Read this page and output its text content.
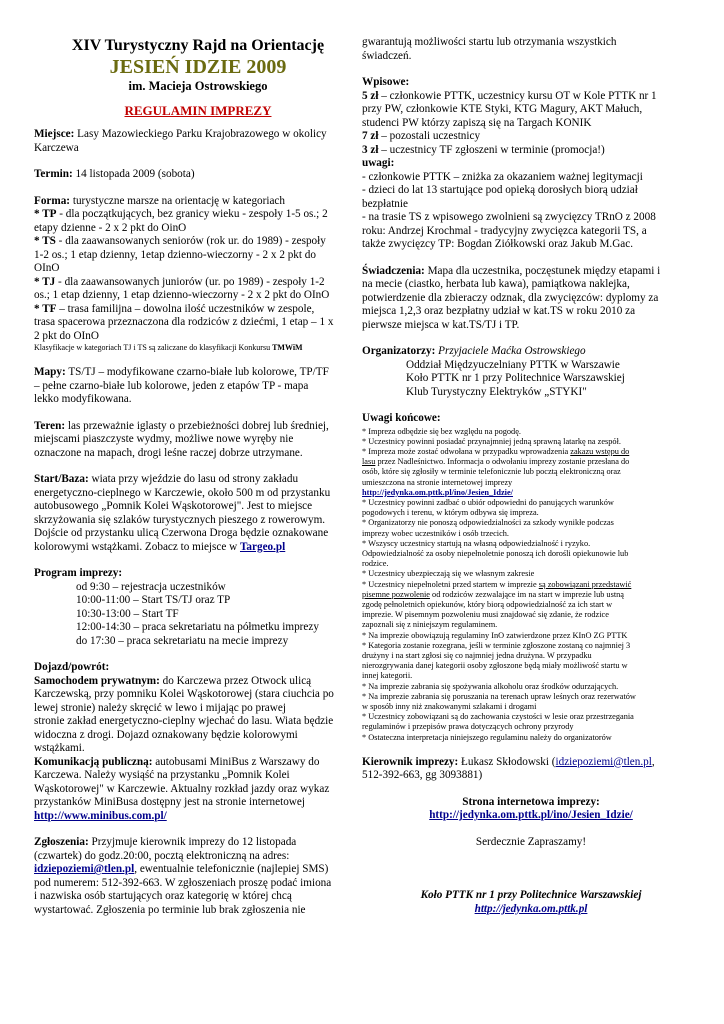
XIV Turystyczny Rajd na Orientację
JESIEŃ IDZIE 2009
im. Macieja Ostrowskiego
REGULAMIN IMPREZY
Miejsce: Lasy Mazowieckiego Parku Krajobrazowego w okolicy
Karczewa
Termin: 14 listopada 2009 (sobota)
Forma: turystyczne marsze na orientację w kategoriach
* TP - dla początkujących, bez granicy wieku - zespoły 1-5 os.; 2
etapy dzienne - 2 x 2 pkt do OinO
* TS - dla zaawansowanych seniorów (rok ur. do 1989) - zespoły
1-2 os.; 1 etap dzienny, 1etap dzienno-wieczorny - 2 x 2 pkt do
OInO
* TJ - dla zaawansowanych juniorów (ur. po 1989) - zespoły 1-2
os.; 1 etap dzienny, 1 etap dzienno-wieczorny - 2 x 2 pkt do OInO
* TF – trasa familijna – dowolna ilość uczestników w zespole,
trasa spacerowa przeznaczona dla rodziców z dziećmi, 1 etap – 1 x
2 pkt do OInO
Klasyfikacje w kategoriach TJ i TS są zaliczane do klasyfikacji Konkursu TMWiM
Mapy: TS/TJ – modyfikowane czarno-białe lub kolorowe, TP/TF
– pełne czarno-białe lub kolorowe, jeden z etapów TP - mapa
lekko modyfikowana.
Teren: las przeważnie iglasty o przebieżności dobrej lub średniej,
miejscami piaszczyste wydmy, możliwe nowe wyręby nie
oznaczone na mapach, drogi leśne raczej dobrze utrzymane.
Start/Baza: wiata przy wjeździe do lasu od strony zakładu
energetyczno-cieplnego w Karczewie, około 500 m od przystanku
autobusowego „Pomnik Kolei Wąskotorowej". Jest to miejsce
skrzyżowania się szlaków turystycznych pieszego z rowerowym.
Dojście od przystanku ulicą Czerwona Droga będzie oznakowane
kolorowymi wstążkami. Zobacz to miejsce w Targeo.pl
Program imprezy:
od 9:30 – rejestracja uczestników
10:00-11:00 – Start TS/TJ oraz TP
10:30-13:00 – Start TF
12:00-14:30 – praca sekretariatu na półmetku imprezy
do 17:30 – praca sekretariatu na mecie imprezy
Dojazd/powrót:
Samochodem prywatnym: do Karczewa przez Otwock ulicą
Karczewską, przy pomniku Kolei Wąskotorowej (stara ciuchcia po
lewej stronie) należy skręcić w lewo i mijając po prawej
stronie zakład energetyczno-cieplny wjechać do lasu. Wiata będzie
widoczna z drogi. Dojazd oznakowany będzie kolorowymi
wstążkami.
Komunikacją publiczną: autobusami MiniBus z Warszawy do
Karczewa. Należy wysiąść na przystanku „Pomnik Kolei
Wąskotorowej" w Karczewie. Aktualny rozkład jazdy oraz wykaz
przystanków MiniBusa dostępny jest na stronie internetowej
http://www.minibus.com.pl/
Zgłoszenia: Przyjmuje kierownik imprezy do 12 listopada
(czwartek) do godz.20:00, pocztą elektroniczną na adres:
idziepoziemi@tlen.pl, ewentualnie telefonicznie (najlepiej SMS)
pod numerem: 512-392-663. W zgłoszeniach proszę podać imiona
i nazwiska osób startujących oraz kategorię w której chcą
wystartować. Zgłoszenia po terminie lub brak zgłoszenia nie
gwarantują możliwości startu lub otrzymania wszystkich
świadczeń.
Wpisowe:
5 zł – członkowie PTTK, uczestnicy kursu OT w Kole PTTK nr 1
przy PW, członkowie KTE Styki, KTG Magury, AKT Małuch,
studenci PW którzy zapiszą się na Targach KONIK
7 zł – pozostali uczestnicy
3 zł – uczestnicy TF zgłoszeni w terminie (promocja!)
uwagi:
- członkowie PTTK – zniżka za okazaniem ważnej legitymacji
- dzieci do lat 13 startujące pod opieką dorosłych biorą udział
bezpłatnie
- na trasie TS z wpisowego zwolnieni są zwycięzcy TRnO z 2008
roku: Andrzej Krochmal - tradycyjny zwycięzca kategorii TS, a
także zwycięzcy TP: Bogdan Ziółkowski oraz Jakub M.Gac.
Świadczenia: Mapa dla uczestnika, poczęstunek między etapami i
na mecie (ciastko, herbata lub kawa), pamiątkowa naklejka,
potwierdzenie dla zbieraczy odznak, dla zwycięzców: dyplomy za
miejsca 1,2,3 oraz bezpłatny udział w kat.TS w roku 2010 za
pierwsze miejsca w kat.TS/TJ i TP.
Organizatorzy: Przyjaciele Maćka Ostrowskiego
Oddział Międzyuczelniany PTTK w Warszawie
Koło PTTK nr 1 przy Politechnice Warszawskiej
Klub Turystyczny Elektryków „STYKI"
Uwagi końcowe:
* Impreza odbędzie się bez względu na pogodę.
* Uczestnicy powinni posiadać przynajmniej jedną sprawną latarkę na zespół.
* Impreza może zostać odwołana w przypadku wprowadzenia zakazu wstępu do
lasu przez Nadleśnictwo. Informacja o odwołaniu imprezy zostanie przesłana do
osób, które się zgłosiły w terminie telefonicznie lub pocztą elektroniczną oraz
umieszczona na stronie internetowej imprezy
http://jedynka.om.pttk.pl/ino/Jesien_Idzie/
* Uczestnicy powinni zadbać o ubiór odpowiedni do panujących warunków
pogodowych i terenu, w którym odbywa się impreza.
* Organizatorzy nie ponoszą odpowiedzialności za szkody wynikłe podczas
imprezy wobec uczestników i osób trzecich.
* Wszyscy uczestnicy startują na własną odpowiedzialność i ryzyko.
Odpowiedzialność za osoby niepełnoletnie ponoszą ich dorośli opiekunowie lub
rodzice.
* Uczestnicy ubezpieczają się we własnym zakresie
* Uczestnicy niepełnoletni przed startem w imprezie są zobowiązani przedstawić
pisemne pozwolenie od rodziców zezwalające im na start w imprezie lub ustną
zgodę pełnoletnich opiekunów, który biorą odpowiedzialność za ich start w
imprezie. W pisemnym pozwoleniu musi znajdować się zdanie, że rodzice
zapoznali się z niniejszym regulaminem.
* Na imprezie obowiązują regulaminy InO zatwierdzone przez KInO ZG PTTK
* Kategoria zostanie rozegrana, jeśli w terminie zgłoszone zostaną co najmniej 3
drużyny i na start zgłosi się co najmniej jedna drużyna. W przypadku
nierozgrywania danej kategorii osoby zgłoszone będą miały możliwość startu w
innej kategorii.
* Na imprezie zabrania się spożywania alkoholu oraz środków odurzających.
* Na imprezie zabrania się poruszania na terenach upraw leśnych oraz rezerwatów
w sposób inny niż znakowanymi szlakami i drogami
* Uczestnicy zobowiązani są do zachowania czystości w lesie oraz przestrzegania
regulaminów i przepisów prawa dotyczących ochrony przyrody
* Ostateczna interpretacja niniejszego regulaminu należy do organizatorów
Kierownik imprezy: Łukasz Skłodowski (idziepoziemi@tlen.pl,
512-392-663, gg 3093881)
Strona internetowa imprezy:
http://jedynka.om.pttk.pl/ino/Jesien_Idzie/
Serdecznie Zapraszamy!
Koło PTTK nr 1 przy Politechnice Warszawskiej
http://jedynka.om.pttk.pl
